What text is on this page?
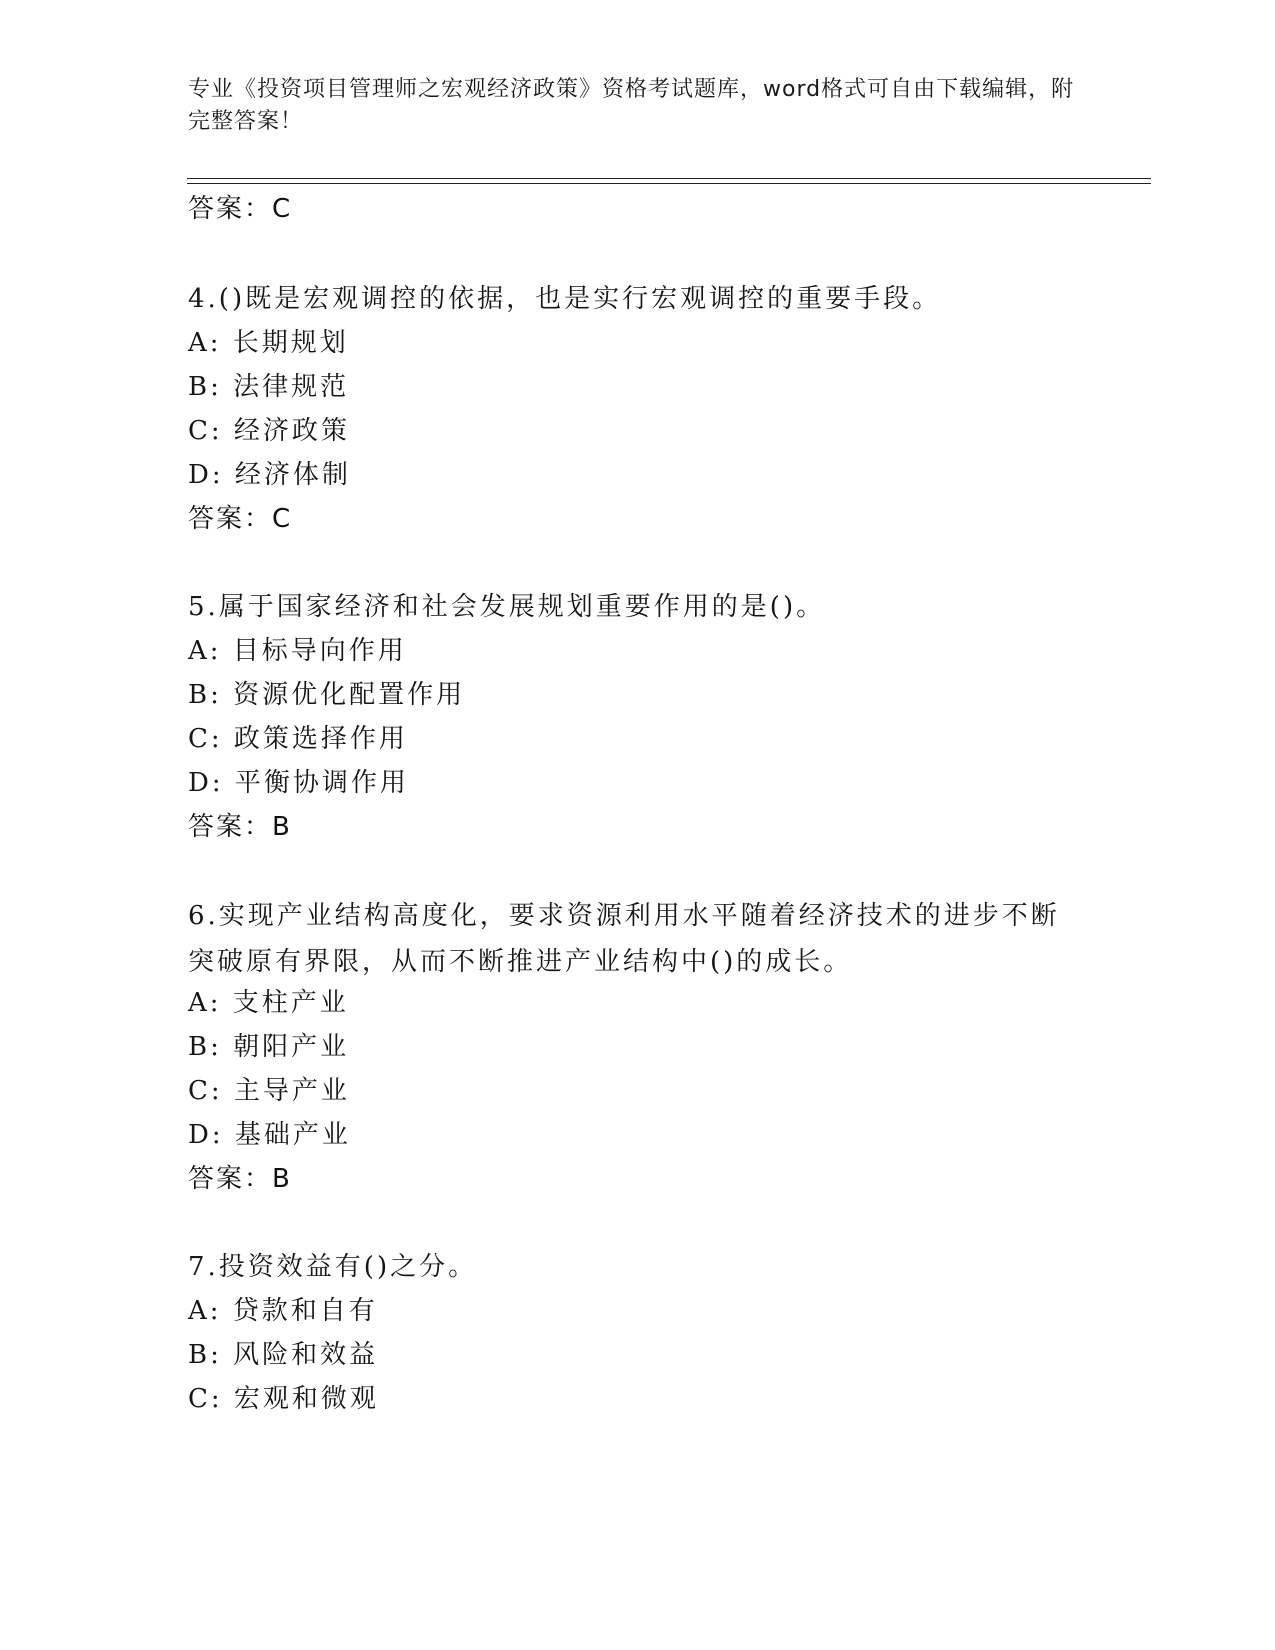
专业《投资项目管理师之宏观经济政策》资格考试题库，word格式可自由下载编辑，附完整答案！
答案：C
4.()既是宏观调控的依据，也是实行宏观调控的重要手段。
A: 长期规划
B: 法律规范
C: 经济政策
D: 经济体制
答案：C
5.属于国家经济和社会发展规划重要作用的是()。
A: 目标导向作用
B: 资源优化配置作用
C: 政策选择作用
D: 平衡协调作用
答案：B
6.实现产业结构高度化，要求资源利用水平随着经济技术的进步不断突破原有界限，从而不断推进产业结构中()的成长。
A: 支柱产业
B: 朝阳产业
C: 主导产业
D: 基础产业
答案：B
7.投资效益有()之分。
A: 贷款和自有
B: 风险和效益
C: 宏观和微观
